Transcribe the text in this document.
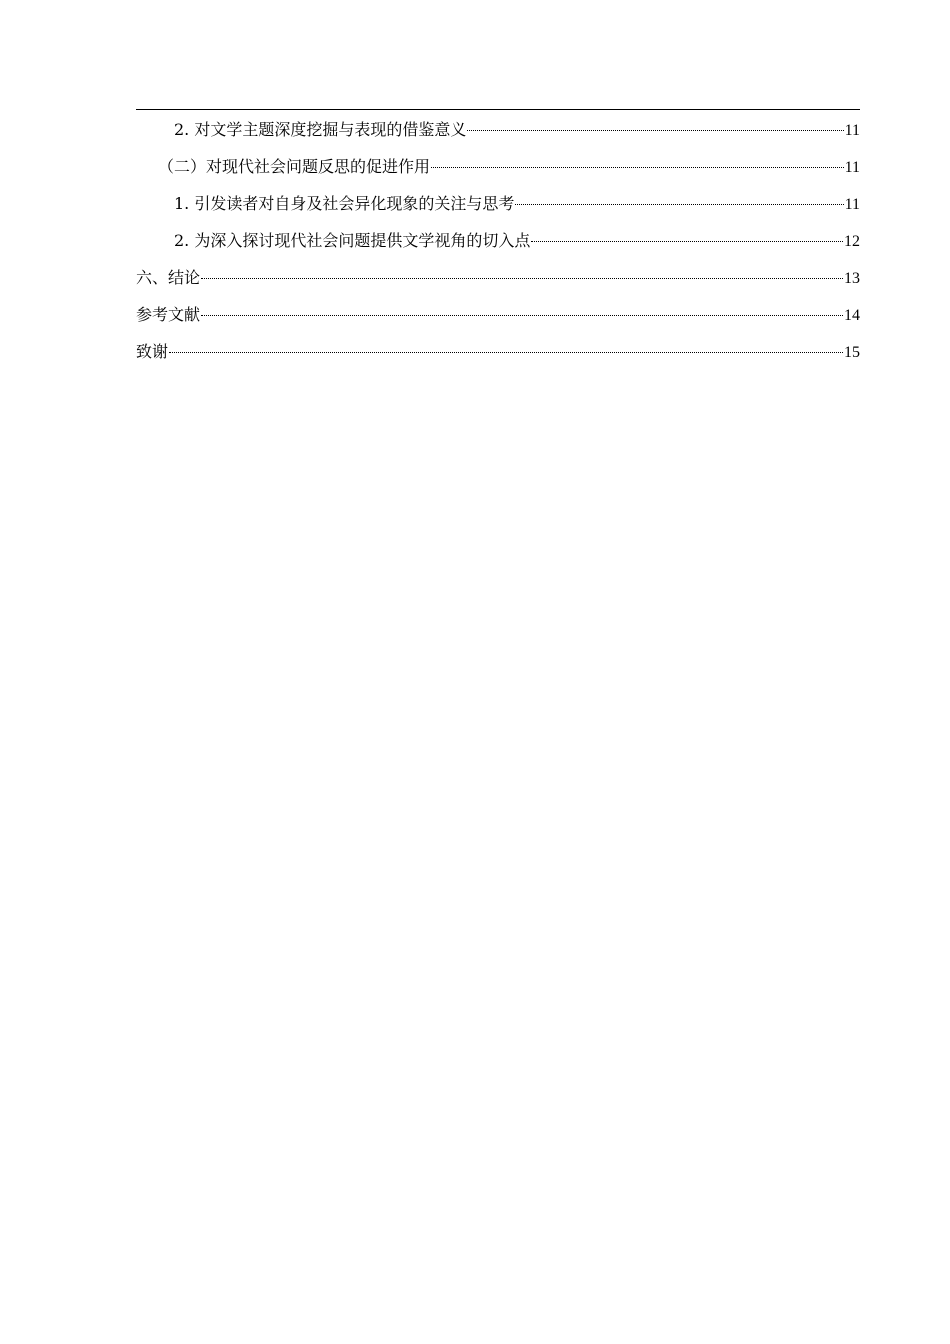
2. 对文学主题深度挖掘与表现的借鉴意义	11
（二）对现代社会问题反思的促进作用	11
1. 引发读者对自身及社会异化现象的关注与思考	11
2. 为深入探讨现代社会问题提供文学视角的切入点	12
六、结论	13
参考文献	14
致谢	15
